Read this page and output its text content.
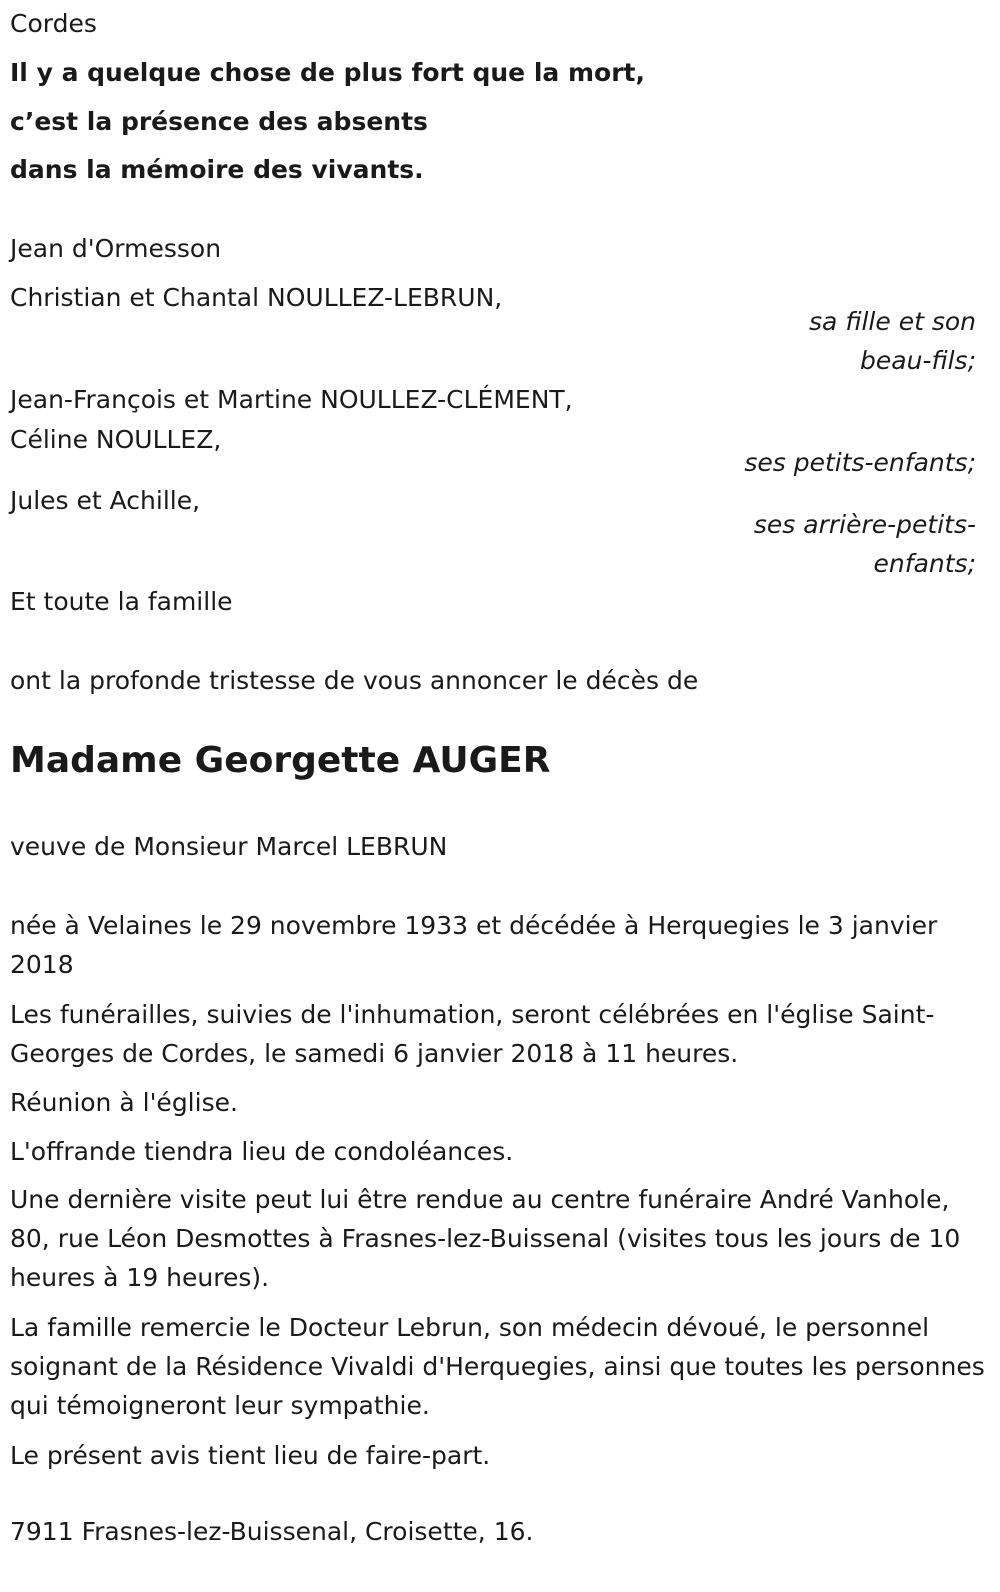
Cordes

Il y a quelque chose de plus fort que la mort,

c’est la présence des absents

dans la mémoire des vivants.

Jean d'Ormesson

Christian et Chantal NOULLEZ-LEBRUN,

sa fille et son

beau-fils;

Jean-François et Martine NOULLEZ-CLÉMENT,

Céline NOULLEZ,

ses petits-enfants;

Jules et Achille,

ses arrière-petits-

enfants;

Et toute la famille

ont la profonde tristesse de vous annoncer le décès de

Madame Georgette AUGER

veuve de Monsieur Marcel LEBRUN

née à Velaines le 29 novembre 1933 et décédée à Herquegies le 3 janvier 2018

Les funérailles, suivies de l'inhumation, seront célébrées en l'église Saint-Georges de Cordes, le samedi 6 janvier 2018 à 11 heures.

Réunion à l'église.

L'offrande tiendra lieu de condoléances.

Une dernière visite peut lui être rendue au centre funéraire André Vanhole, 80, rue Léon Desmottes à Frasnes-lez-Buissenal (visites tous les jours de 10 heures à 19 heures).

La famille remercie le Docteur Lebrun, son médecin dévoué, le personnel soignant de la Résidence Vivaldi d'Herquegies, ainsi que toutes les personnes qui témoigneront leur sympathie.

Le présent avis tient lieu de faire-part.

7911 Frasnes-lez-Buissenal, Croisette, 16.
